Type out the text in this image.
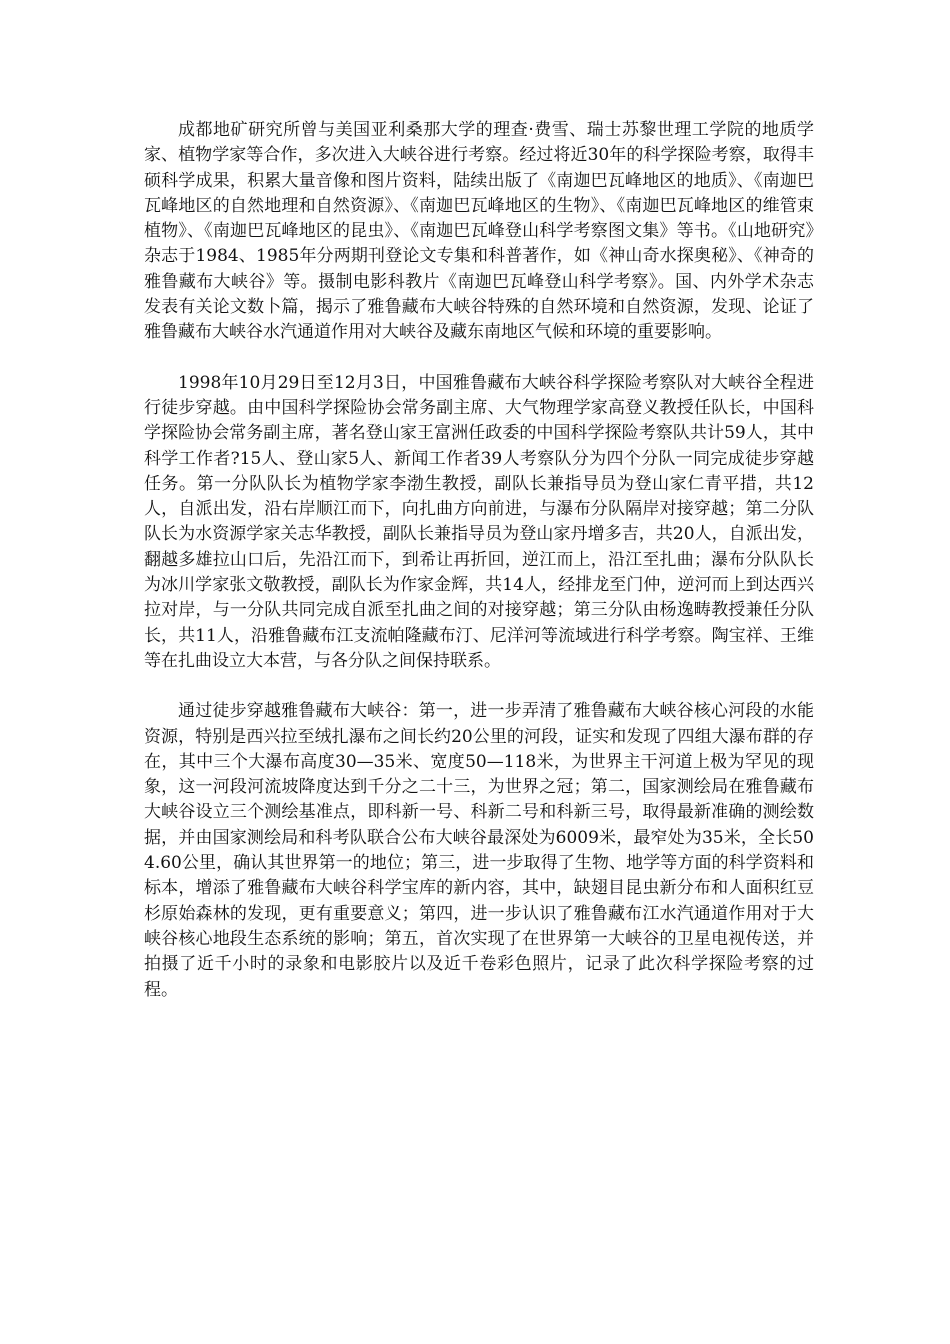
成都地矿研究所曾与美国亚利桑那大学的理查·费雪、瑞士苏黎世理工学院的地质学家、植物学家等合作，多次进入大峡谷进行考察。经过将近30年的科学探险考察，取得丰硕科学成果，积累大量音像和图片资料，陆续出版了《南迦巴瓦峰地区的地质》、《南迦巴瓦峰地区的自然地理和自然资源》、《南迦巴瓦峰地区的生物》、《南迦巴瓦峰地区的维管束植物》、《南迦巴瓦峰地区的昆虫》、《南迦巴瓦峰登山科学考察图文集》等书。《山地研究》杂志于1984、1985年分两期刊登论文专集和科普著作，如《神山奇水探奥秘》、《神奇的雅鲁藏布大峡谷》等。摄制电影科教片《南迦巴瓦峰登山科学考察》。国、内外学术杂志发表有关论文数卜篇，揭示了雅鲁藏布大峡谷特殊的自然环境和自然资源，发现、论证了雅鲁藏布大峡谷水汽通道作用对大峡谷及藏东南地区气候和环境的重要影响。

1998年10月29日至12月3日，中国雅鲁藏布大峡谷科学探险考察队对大峡谷全程进行徒步穿越。由中国科学探险协会常务副主席、大气物理学家高登义教授任队长，中国科学探险协会常务副主席，著名登山家王富洲任政委的中国科学探险考察队共计59人，其中科学工作者?15人、登山家5人、新闻工作者39人考察队分为四个分队一同完成徒步穿越任务。第一分队队长为植物学家李渤生教授，副队长兼指导员为登山家仁青平措，共12人，自派出发，沿右岸顺江而下，向扎曲方向前进，与瀑布分队隔岸对接穿越；第二分队队长为水资源学家关志华教授，副队长兼指导员为登山家丹增多吉，共20人，自派出发，翻越多雄拉山口后，先沿江而下，到希让再折回，逆江而上，沿江至扎曲；瀑布分队队长为冰川学家张文敬教授，副队长为作家金辉，共14人，经排龙至门仲，逆河而上到达西兴拉对岸，与一分队共同完成自派至扎曲之间的对接穿越；第三分队由杨逸畴教授兼任分队长，共11人，沿雅鲁藏布江支流帕隆藏布汀、尼洋河等流域进行科学考察。陶宝祥、王维等在扎曲设立大本营，与各分队之间保持联系。

通过徒步穿越雅鲁藏布大峡谷：第一，进一步弄清了雅鲁藏布大峡谷核心河段的水能资源，特别是西兴拉至绒扎瀑布之间长约20公里的河段，证实和发现了四组大瀑布群的存在，其中三个大瀑布高度30—35米、宽度50—118米，为世界主干河道上极为罕见的现象，这一河段河流坡降度达到千分之二十三，为世界之冠；第二，国家测绘局在雅鲁藏布大峡谷设立三个测绘基准点，即科新一号、科新二号和科新三号，取得最新准确的测绘数据，并由国家测绘局和科考队联合公布大峡谷最深处为6009米，最窄处为35米，全长504.60公里，确认其世界第一的地位；第三，进一步取得了生物、地学等方面的科学资料和标本，增添了雅鲁藏布大峡谷科学宝库的新内容，其中，缺翅目昆虫新分布和人面积红豆杉原始森林的发现，更有重要意义；第四，进一步认识了雅鲁藏布江水汽通道作用对于大峡谷核心地段生态系统的影响；第五，首次实现了在世界第一大峡谷的卫星电视传送，并拍摄了近千小时的录象和电影胶片以及近千卷彩色照片，记录了此次科学探险考察的过程。
